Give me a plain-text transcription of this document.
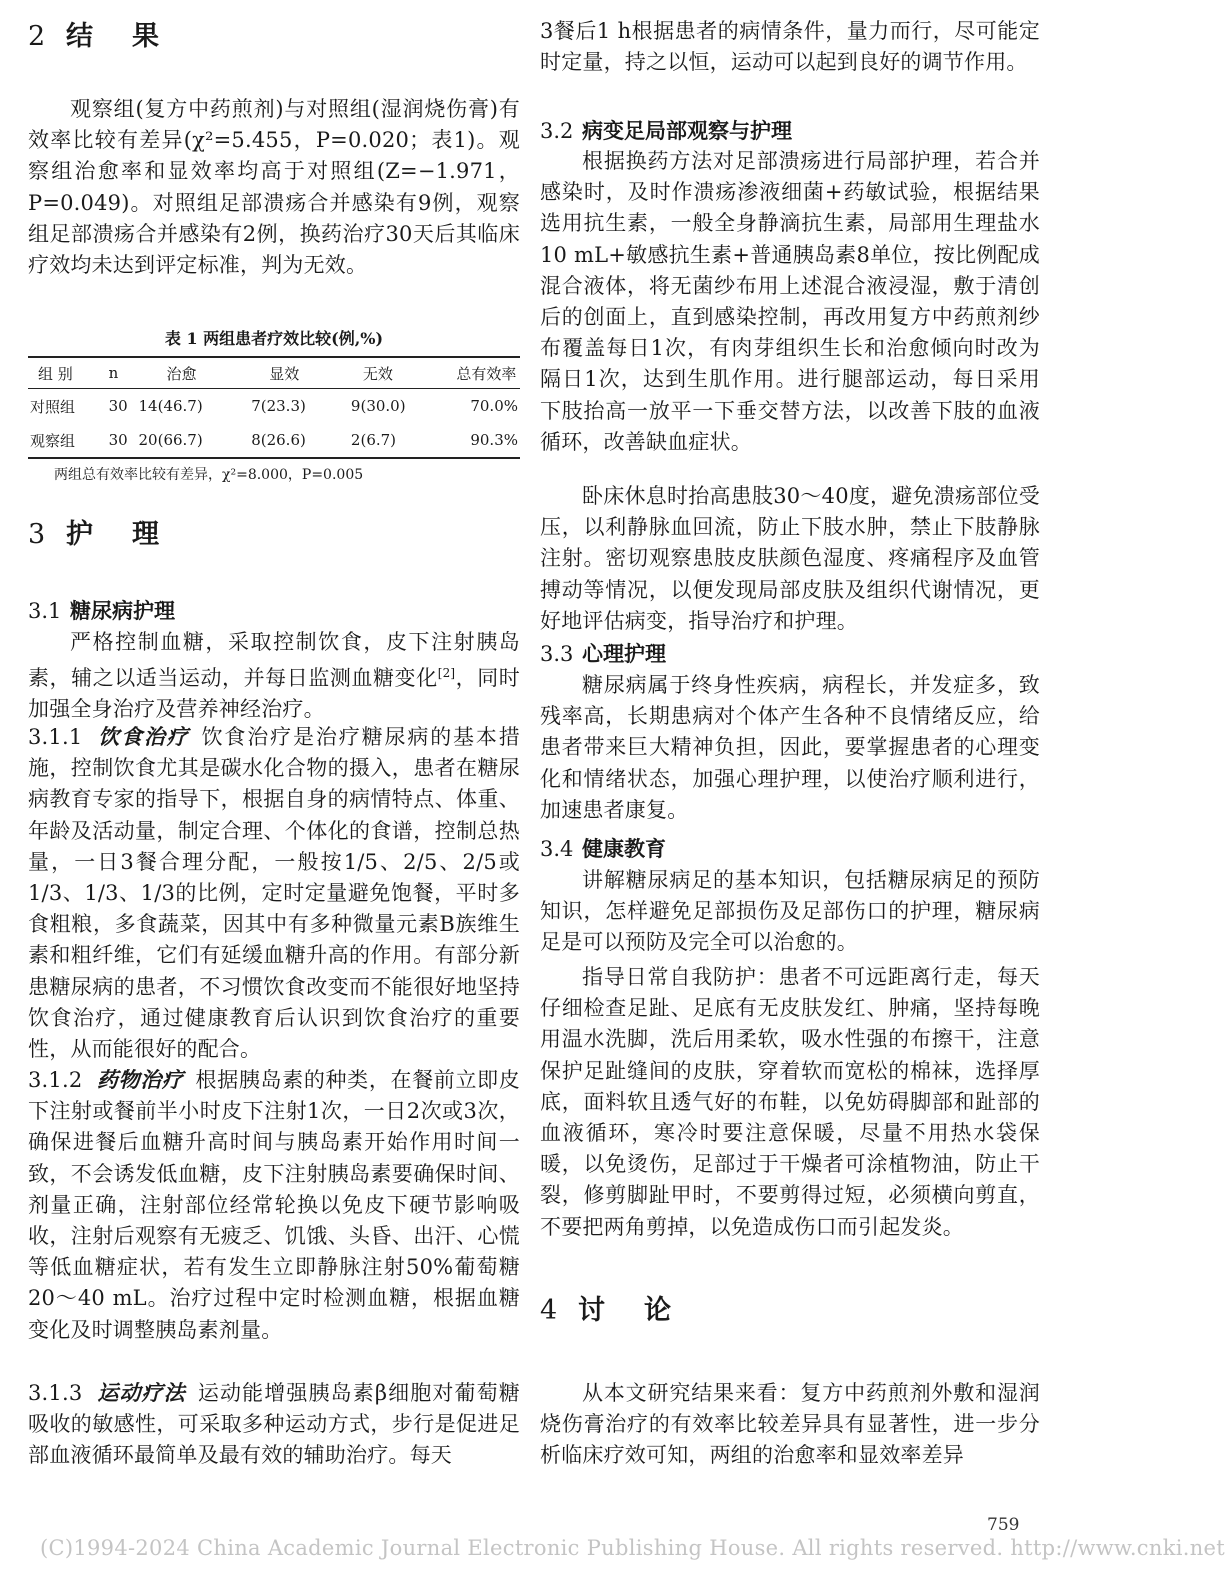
2 结 果

观察组(复方中药煎剂)与对照组(湿润烧伤膏)有效率比较有差异(χ²=5.455，P=0.020；表1)。观察组治愈率和显效率均高于对照组(Z=−1.971，P=0.049)。对照组足部溃疡合并感染有9例，观察组足部溃疡合并感染有2例，换药治疗30天后其临床疗效均未达到评定标准，判为无效。

表 1 两组患者疗效比较(例,%)
组 别	n	治愈	显效	无效	总有效率
对照组	30	14(46.7)	7(23.3)	9(30.0)	70.0%
观察组	30	20(66.7)	8(26.6)	2(6.7)	90.3%
两组总有效率比较有差异，χ²=8.000，P=0.005
3 护 理
3.1 糖尿病护理

严格控制血糖，采取控制饮食，皮下注射胰岛素，辅之以适当运动，并每日监测血糖变化[2]，同时加强全身治疗及营养神经治疗。

3.1.1 饮食治疗 饮食治疗是治疗糖尿病的基本措施，控制饮食尤其是碳水化合物的摄入，患者在糖尿病教育专家的指导下，根据自身的病情特点、体重、年龄及活动量，制定合理、个体化的食谱，控制总热量，一日3餐合理分配，一般按1/5、2/5、2/5或1/3、1/3、1/3的比例，定时定量避免饱餐，平时多食粗粮，多食蔬菜，因其中有多种微量元素B族维生素和粗纤维，它们有延缓血糖升高的作用。有部分新患糖尿病的患者，不习惯饮食改变而不能很好地坚持饮食治疗，通过健康教育后认识到饮食治疗的重要性，从而能很好的配合。

3.1.2 药物治疗 根据胰岛素的种类，在餐前立即皮下注射或餐前半小时皮下注射1次，一日2次或3次，确保进餐后血糖升高时间与胰岛素开始作用时间一致，不会诱发低血糖，皮下注射胰岛素要确保时间、剂量正确，注射部位经常轮换以免皮下硬节影响吸收，注射后观察有无疲乏、饥饿、头昏、出汗、心慌等低血糖症状，若有发生立即静脉注射50%葡萄糖20～40 mL。治疗过程中定时检测血糖，根据血糖变化及时调整胰岛素剂量。

3.1.3 运动疗法 运动能增强胰岛素β细胞对葡萄糖吸收的敏感性，可采取多种运动方式，步行是促进足部血液循环最简单及最有效的辅助治疗。每天

3餐后1 h根据患者的病情条件，量力而行，尽可能定时定量，持之以恒，运动可以起到良好的调节作用。

3.2 病变足局部观察与护理

根据换药方法对足部溃疡进行局部护理，若合并感染时，及时作溃疡渗液细菌+药敏试验，根据结果选用抗生素，一般全身静滴抗生素，局部用生理盐水10 mL+敏感抗生素+普通胰岛素8单位，按比例配成混合液体，将无菌纱布用上述混合液浸湿，敷于清创后的创面上，直到感染控制，再改用复方中药煎剂纱布覆盖每日1次，有肉芽组织生长和治愈倾向时改为隔日1次，达到生肌作用。进行腿部运动，每日采用下肢抬高一放平一下垂交替方法，以改善下肢的血液循环，改善缺血症状。

卧床休息时抬高患肢30～40度，避免溃疡部位受压，以利静脉血回流，防止下肢水肿，禁止下肢静脉注射。密切观察患肢皮肤颜色湿度、疼痛程序及血管搏动等情况，以便发现局部皮肤及组织代谢情况，更好地评估病变，指导治疗和护理。

3.3 心理护理

糖尿病属于终身性疾病，病程长，并发症多，致残率高，长期患病对个体产生各种不良情绪反应，给患者带来巨大精神负担，因此，要掌握患者的心理变化和情绪状态，加强心理护理，以使治疗顺利进行，加速患者康复。

3.4 健康教育

讲解糖尿病足的基本知识，包括糖尿病足的预防知识，怎样避免足部损伤及足部伤口的护理，糖尿病足是可以预防及完全可以治愈的。

指导日常自我防护：患者不可远距离行走，每天仔细检查足趾、足底有无皮肤发红、肿痛，坚持每晚用温水洗脚，洗后用柔软，吸水性强的布擦干，注意保护足趾缝间的皮肤，穿着软而宽松的棉袜，选择厚底，面料软且透气好的布鞋，以免妨碍脚部和趾部的血液循环，寒冷时要注意保暖，尽量不用热水袋保暖，以免烫伤，足部过于干燥者可涂植物油，防止干裂，修剪脚趾甲时，不要剪得过短，必须横向剪直，不要把两角剪掉，以免造成伤口而引起发炎。

4 讨 论

从本文研究结果来看：复方中药煎剂外敷和湿润烧伤膏治疗的有效率比较差异具有显著性，进一步分析临床疗效可知，两组的治愈率和显效率差异

759
(C)1994-2024 China Academic Journal Electronic Publishing House. All rights reserved. http://www.cnki.net
